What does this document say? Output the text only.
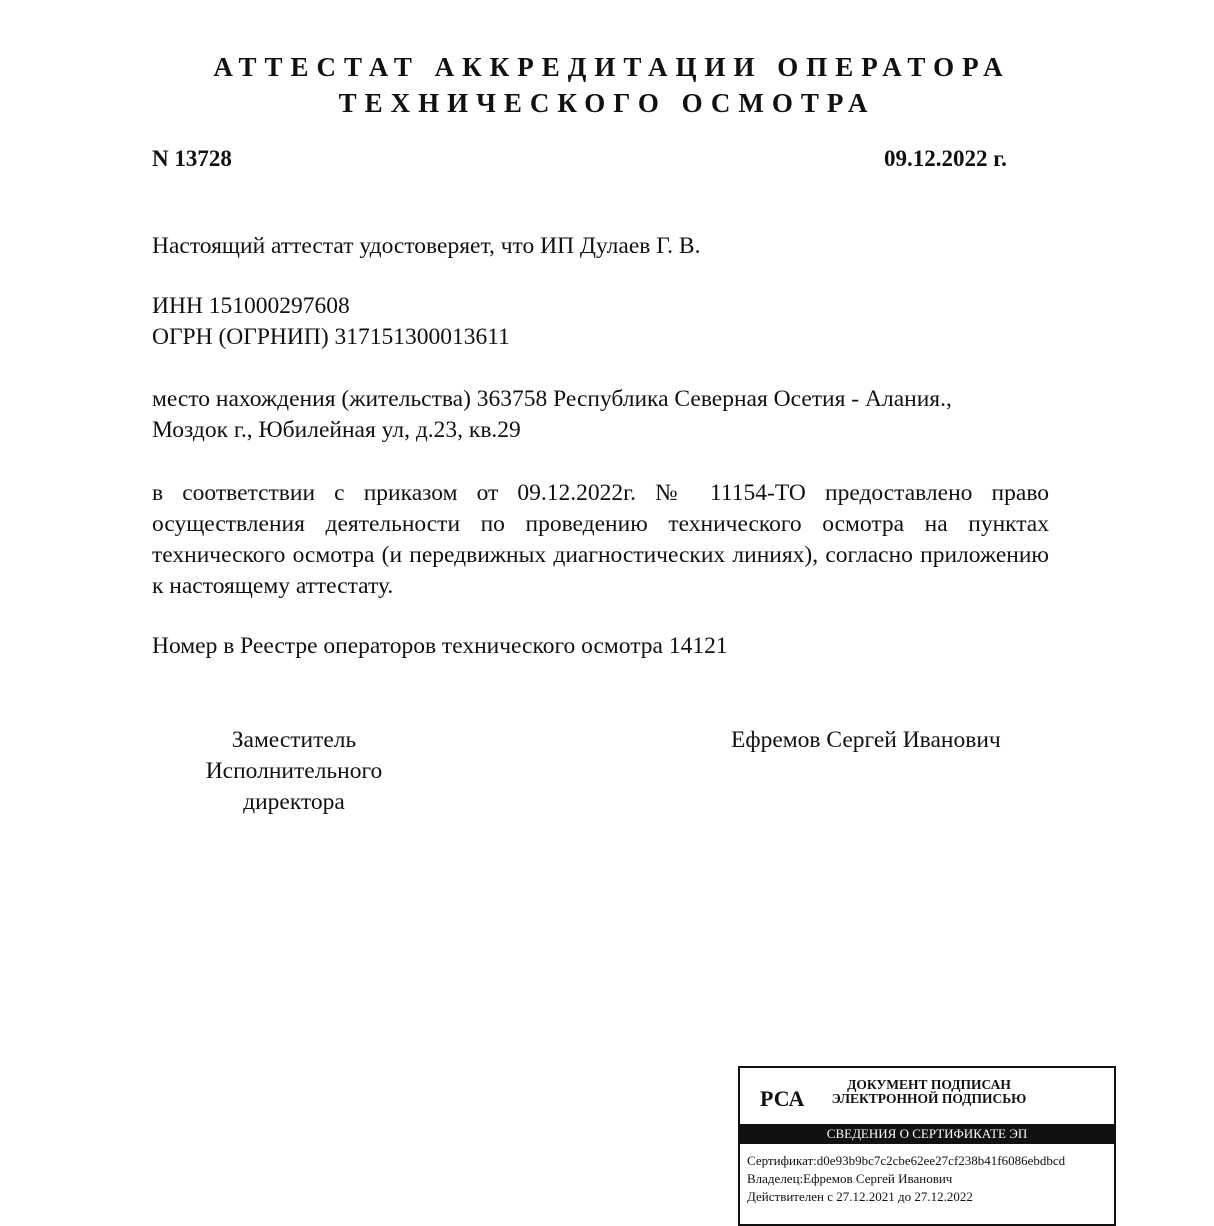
АТТЕСТАТ АККРЕДИТАЦИИ ОПЕРАТОРА
ТЕХНИЧЕСКОГО ОСМОТРА
N 13728	09.12.2022 г.
Настоящий аттестат удостоверяет, что ИП Дулаев Г. В.
ИНН 151000297608
ОГРН (ОГРНИП) 317151300013611
место нахождения (жительства) 363758 Республика Северная Осетия - Алания., Моздок г., Юбилейная ул, д.23, кв.29
в соответствии с приказом от 09.12.2022г. № 11154-ТО предоставлено право осуществления деятельности по проведению технического осмотра на пунктах технического осмотра (и передвижных диагностических линиях), согласно приложению к настоящему аттестату.
Номер в Реестре операторов технического осмотра 14121
Заместитель Исполнительного директора
Ефремов Сергей Иванович
РСА
ДОКУМЕНТ ПОДПИСАН ЭЛЕКТРОННОЙ ПОДПИСЬЮ
СВЕДЕНИЯ О СЕРТИФИКАТЕ ЭП
Сертификат:d0e93b9bc7c2cbe62ee27cf238b41f6086ebdbcd
Владелец:Ефремов Сергей Иванович
Действителен с 27.12.2021 до 27.12.2022
